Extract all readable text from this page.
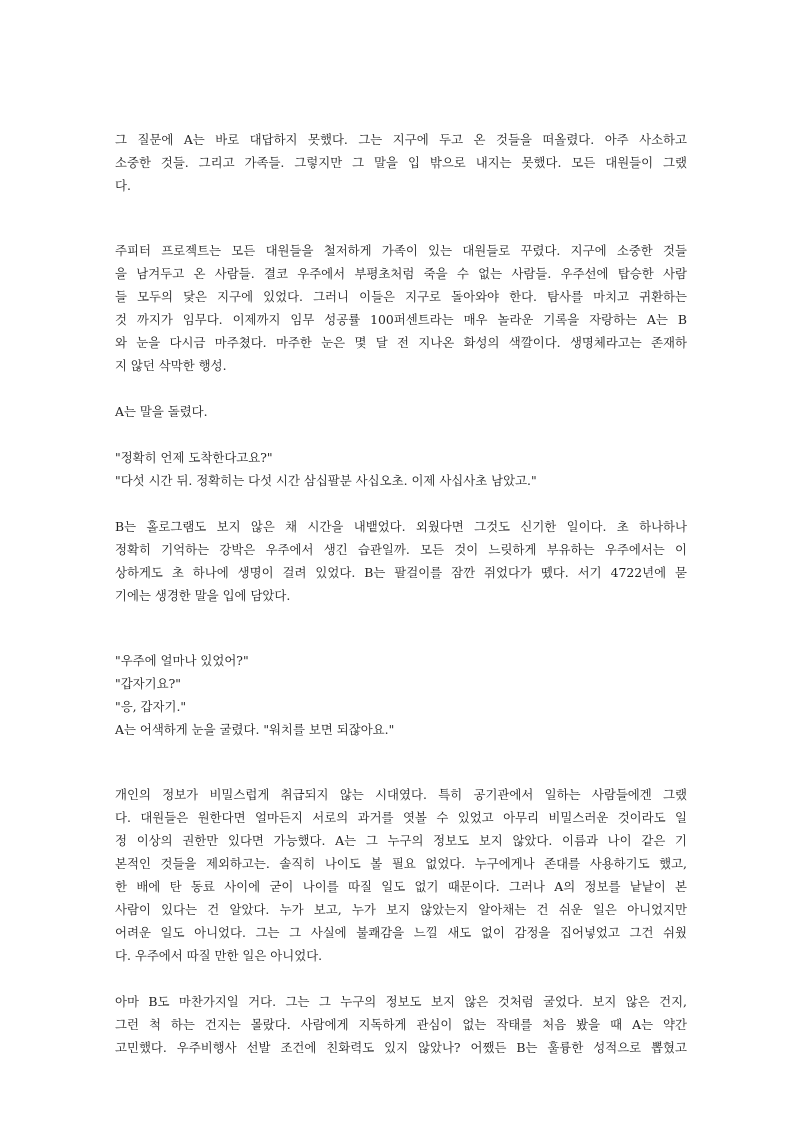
그 질문에 A는 바로 대답하지 못했다. 그는 지구에 두고 온 것들을 떠올렸다. 아주 사소하고
소중한 것들. 그리고 가족들. 그렇지만 그 말을 입 밖으로 내지는 못했다. 모든 대원들이 그랬
다.

주피터 프로젝트는 모든 대원들을 철저하게 가족이 있는 대원들로 꾸렸다. 지구에 소중한 것들
을 남겨두고 온 사람들. 결코 우주에서 부평초처럼 죽을 수 없는 사람들. 우주선에 탑승한 사람
들 모두의 닻은 지구에 있었다. 그러니 이들은 지구로 돌아와야 한다. 탐사를 마치고 귀환하는
것 까지가 임무다. 이제까지 임무 성공률 100퍼센트라는 매우 놀라운 기록을 자랑하는 A는 B
와 눈을 다시금 마주쳤다. 마주한 눈은 몇 달 전 지나온 화성의 색깔이다. 생명체라고는 존재하
지 않던 삭막한 행성.

A는 말을 돌렸다.

"정확히 언제 도착한다고요?"
"다섯 시간 뒤. 정확히는 다섯 시간 삼십팔분 사십오초. 이제 사십사초 남았고."

B는 홀로그램도 보지 않은 채 시간을 내뱉었다. 외웠다면 그것도 신기한 일이다. 초 하나하나
정확히 기억하는 강박은 우주에서 생긴 습관일까. 모든 것이 느릿하게 부유하는 우주에서는 이
상하게도 초 하나에 생명이 걸려 있었다. B는 팔걸이를 잠깐 쥐었다가 뗐다. 서기 4722년에 묻
기에는 생경한 말을 입에 담았다.

"우주에 얼마나 있었어?"
"갑자기요?"
"응, 갑자기."
A는 어색하게 눈을 굴렸다. "워치를 보면 되잖아요."

개인의 정보가 비밀스럽게 취급되지 않는 시대였다. 특히 공기관에서 일하는 사람들에겐 그랬
다. 대원들은 원한다면 얼마든지 서로의 과거를 엿볼 수 있었고 아무리 비밀스러운 것이라도 일
정 이상의 권한만 있다면 가능했다. A는 그 누구의 정보도 보지 않았다. 이름과 나이 같은 기
본적인 것들을 제외하고는. 솔직히 나이도 볼 필요 없었다. 누구에게나 존대를 사용하기도 했고,
한 배에 탄 동료 사이에 굳이 나이를 따질 일도 없기 때문이다. 그러나 A의 정보를 낱낱이 본
사람이 있다는 건 알았다. 누가 보고, 누가 보지 않았는지 알아채는 건 쉬운 일은 아니었지만
어려운 일도 아니었다. 그는 그 사실에 불쾌감을 느낄 새도 없이 감정을 집어넣었고 그건 쉬웠
다. 우주에서 따질 만한 일은 아니었다.

아마 B도 마찬가지일 거다. 그는 그 누구의 정보도 보지 않은 것처럼 굴었다. 보지 않은 건지,
그런 척 하는 건지는 몰랐다. 사람에게 지독하게 관심이 없는 작태를 처음 봤을 때 A는 약간
고민했다. 우주비행사 선발 조건에 친화력도 있지 않았나? 어쨌든 B는 훌륭한 성적으로 뽑혔고
